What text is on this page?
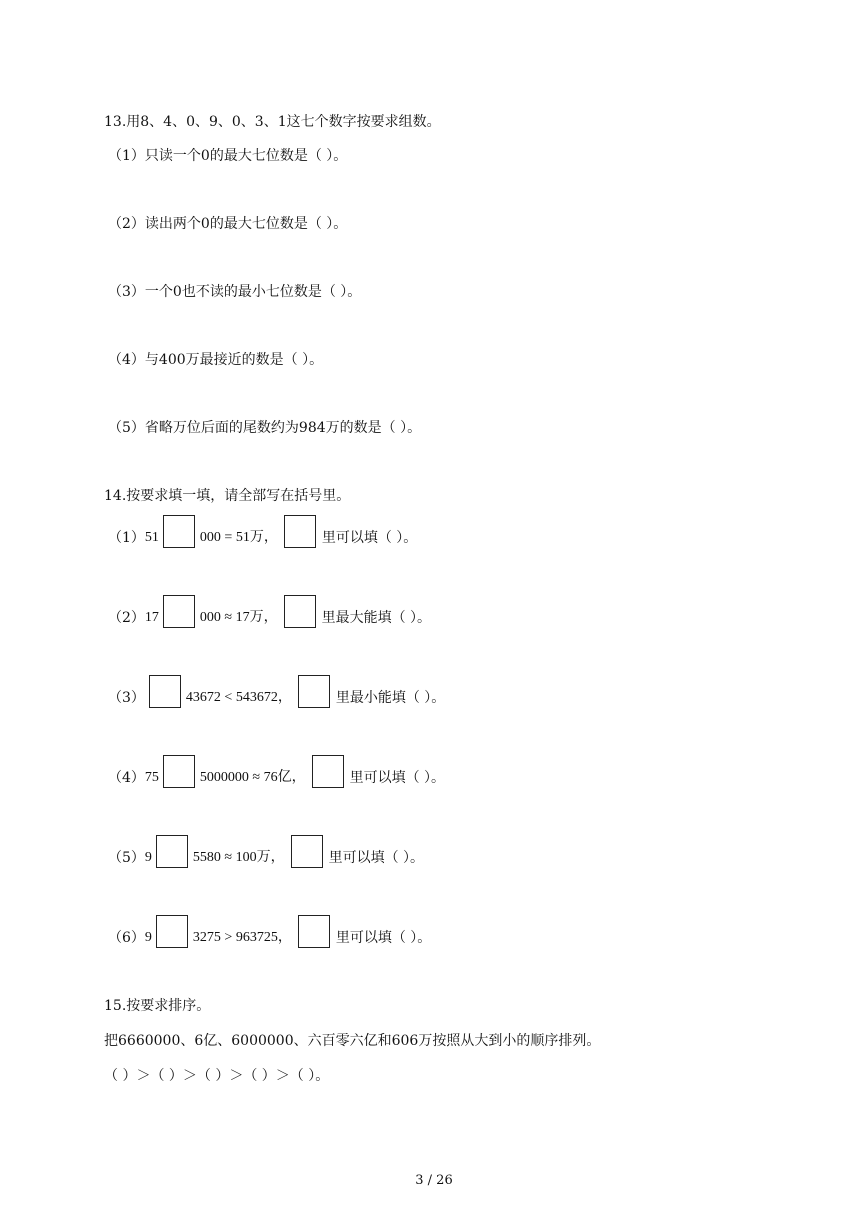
13.用8、4、0、9、0、3、1这七个数字按要求组数。
（1）只读一个0的最大七位数是（ ）。
（2）读出两个0的最大七位数是（ ）。
（3）一个0也不读的最小七位数是（ ）。
（4）与400万最接近的数是（ ）。
（5）省略万位后面的尾数约为984万的数是（ ）。
14.按要求填一填，请全部写在括号里。
（1） 51	000 = 51万，	里可以填（ ）。
（2） 17	000 ≈ 17万，	里最大能填（ ）。
（3）	43672 < 543672，	里最小能填（ ）。
（4） 75	5000000 ≈ 76亿，	里可以填（ ）。
（5） 9	5580 ≈ 100万，	里可以填（ ）。
（6） 9	3275 > 963725，	里可以填（ ）。
15.按要求排序。
把6660000、6亿、6000000、六百零六亿和606万按照从大到小的顺序排列。
（ ）＞（ ）＞（ ）＞（ ）＞（ ）。
3 / 26
